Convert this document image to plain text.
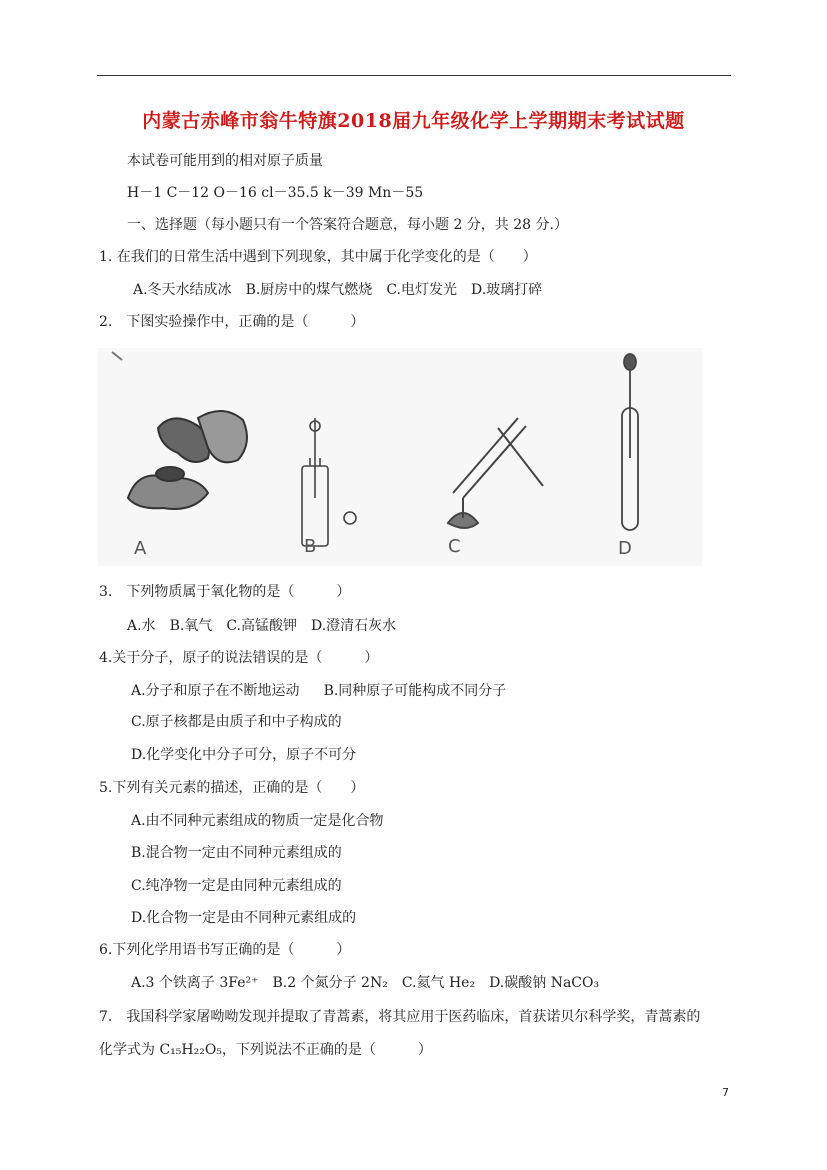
内蒙古赤峰市翁牛特旗2018届九年级化学上学期期末考试试题
本试卷可能用到的相对原子质量
H－1 C－12 O－16 cl－35.5 k－39 Mn－55
一、选择题（每小题只有一个答案符合题意，每小题 2 分，共 28 分.）
1. 在我们的日常生活中遇到下列现象，其中属于化学变化的是（　　）
A.冬天水结成冰 B.厨房中的煤气燃烧 C.电灯发光 D.玻璃打碎
2.　下图实验操作中，正确的是（　　　）
A	B	C	D
3.　下列物质属于氧化物的是（　　　）
A.水 B.氧气 C.高锰酸钾 D.澄清石灰水
4.关于分子，原子的说法错误的是（　　　）
A.分子和原子在不断地运动 B.同种原子可能构成不同分子
C.原子核都是由质子和中子构成的
D.化学变化中分子可分，原子不可分
5.下列有关元素的描述，正确的是（　　）
A.由不同种元素组成的物质一定是化合物
B.混合物一定由不同种元素组成的
C.纯净物一定是由同种元素组成的
D.化合物一定是由不同种元素组成的
6.下列化学用语书写正确的是（　　　）
A.3 个铁离子 3Fe²⁺ B.2 个氮分子 2N₂ C.氦气 He₂ D.碳酸钠 NaCO₃
7.　我国科学家屠呦呦发现并提取了青蒿素，将其应用于医药临床，首获诺贝尔科学奖，青蒿素的
化学式为 C₁₅H₂₂O₅，下列说法不正确的是（　　　）
7
